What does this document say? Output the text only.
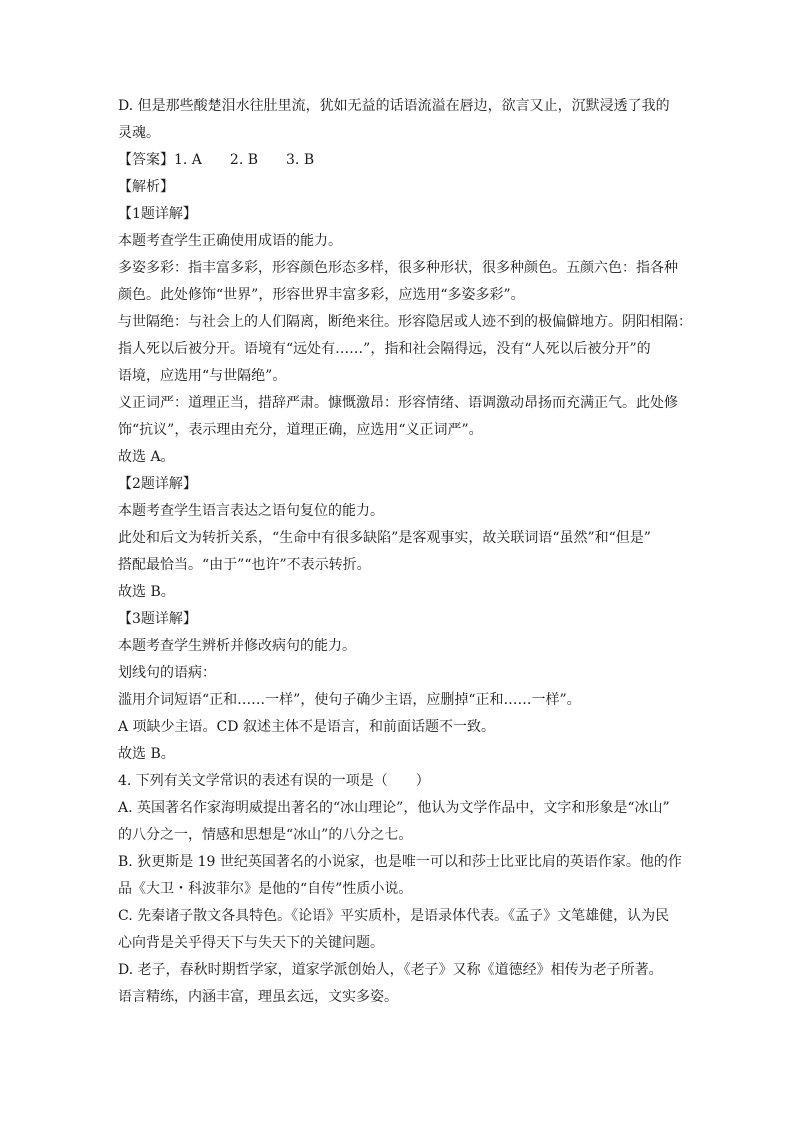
D. 但是那些酸楚泪水往肚里流，犹如无益的话语流溢在唇边，欲言又止，沉默浸透了我的
灵魂。
【答案】1. A　　2. B　　3. B
【解析】
【1题详解】
本题考查学生正确使用成语的能力。
多姿多彩：指丰富多彩，形容颜色形态多样，很多种形状，很多种颜色。五颜六色：指各种
颜色。此处修饰“世界”，形容世界丰富多彩，应选用“多姿多彩”。
与世隔绝：与社会上的人们隔离，断绝来往。形容隐居或人迹不到的极偏僻地方。阴阳相隔：
指人死以后被分开。语境有“远处有……”，指和社会隔得远，没有“人死以后被分开”的
语境，应选用“与世隔绝”。
义正词严：道理正当，措辞严肃。慷慨激昂：形容情绪、语调激动昂扬而充满正气。此处修
饰“抗议”，表示理由充分，道理正确，应选用“义正词严”。
故选 A。
【2题详解】
本题考查学生语言表达之语句复位的能力。
此处和后文为转折关系，“生命中有很多缺陷”是客观事实，故关联词语“虽然”和“但是”
搭配最恰当。“由于”“也许”不表示转折。
故选 B。
【3题详解】
本题考查学生辨析并修改病句的能力。
划线句的语病：
滥用介词短语“正和……一样”，使句子确少主语，应删掉“正和……一样”。
A 项缺少主语。CD 叙述主体不是语言，和前面话题不一致。
故选 B。
4. 下列有关文学常识的表述有误的一项是（　　）
A. 英国著名作家海明威提出著名的“冰山理论”，他认为文学作品中，文字和形象是“冰山”
的八分之一，情感和思想是“冰山”的八分之七。
B. 狄更斯是 19 世纪英国著名的小说家，也是唯一可以和莎士比亚比肩的英语作家。他的作
品《大卫・科波菲尔》是他的“自传”性质小说。
C. 先秦诸子散文各具特色。《论语》平实质朴，是语录体代表。《孟子》文笔雄健，认为民
心向背是关乎得天下与失天下的关键问题。
D. 老子，春秋时期哲学家，道家学派创始人，《老子》又称《道德经》相传为老子所著。
语言精练，内涵丰富，理虽玄远，文实多姿。
